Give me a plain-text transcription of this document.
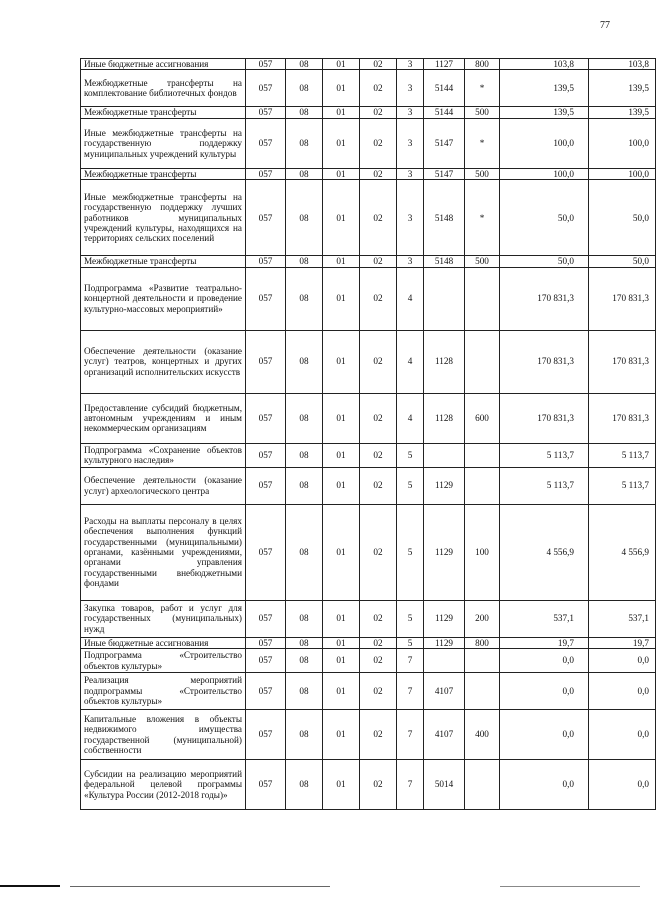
77
	Иные бюджетные ассигнования	057	08	01	02	3	1127	800	103,8	103,8
	Межбюджетные трансферты на комплектование библиотечных фондов	057	08	01	02	3	5144	*	139,5	139,5
	Межбюджетные трансферты	057	08	01	02	3	5144	500	139,5	139,5
	Иные межбюджетные трансферты на государственную поддержку муниципальных учреждений культуры	057	08	01	02	3	5147	*	100,0	100,0
	Межбюджетные трансферты	057	08	01	02	3	5147	500	100,0	100,0
	Иные межбюджетные трансферты на государственную поддержку лучших работников муниципальных учреждений культуры, находящихся на территориях сельских поселений	057	08	01	02	3	5148	*	50,0	50,0
	Межбюджетные трансферты	057	08	01	02	3	5148	500	50,0	50,0
	Подпрограмма «Развитие театрально-концертной деятельности и проведение культурно-массовых мероприятий»	057	08	01	02	4			170 831,3	170 831,3
	Обеспечение деятельности (оказание услуг) театров, концертных и других организаций исполнительских искусств	057	08	01	02	4	1128		170 831,3	170 831,3
	Предоставление субсидий бюджетным, автономным учреждениям и иным некоммерческим организациям	057	08	01	02	4	1128	600	170 831,3	170 831,3
	Подпрограмма «Сохранение объектов культурного наследия»	057	08	01	02	5			5 113,7	5 113,7
	Обеспечение деятельности (оказание услуг) археологического центра	057	08	01	02	5	1129		5 113,7	5 113,7
	Расходы на выплаты персоналу в целях обеспечения выполнения функций государственными (муниципальными) органами, казёнными учреждениями, органами управления государственными внебюджетными фондами	057	08	01	02	5	1129	100	4 556,9	4 556,9
	Закупка товаров, работ и услуг для государственных (муниципальных) нужд	057	08	01	02	5	1129	200	537,1	537,1
	Иные бюджетные ассигнования	057	08	01	02	5	1129	800	19,7	19,7
	Подпрограмма «Строительство объектов культуры»	057	08	01	02	7			0,0	0,0
	Реализация мероприятий подпрограммы «Строительство объектов культуры»	057	08	01	02	7	4107		0,0	0,0
	Капитальные вложения в объекты недвижимого имущества государственной (муниципальной) собственности	057	08	01	02	7	4107	400	0,0	0,0
	Субсидии на реализацию мероприятий федеральной целевой программы «Культура России (2012-2018 годы)»	057	08	01	02	7	5014		0,0	0,0
